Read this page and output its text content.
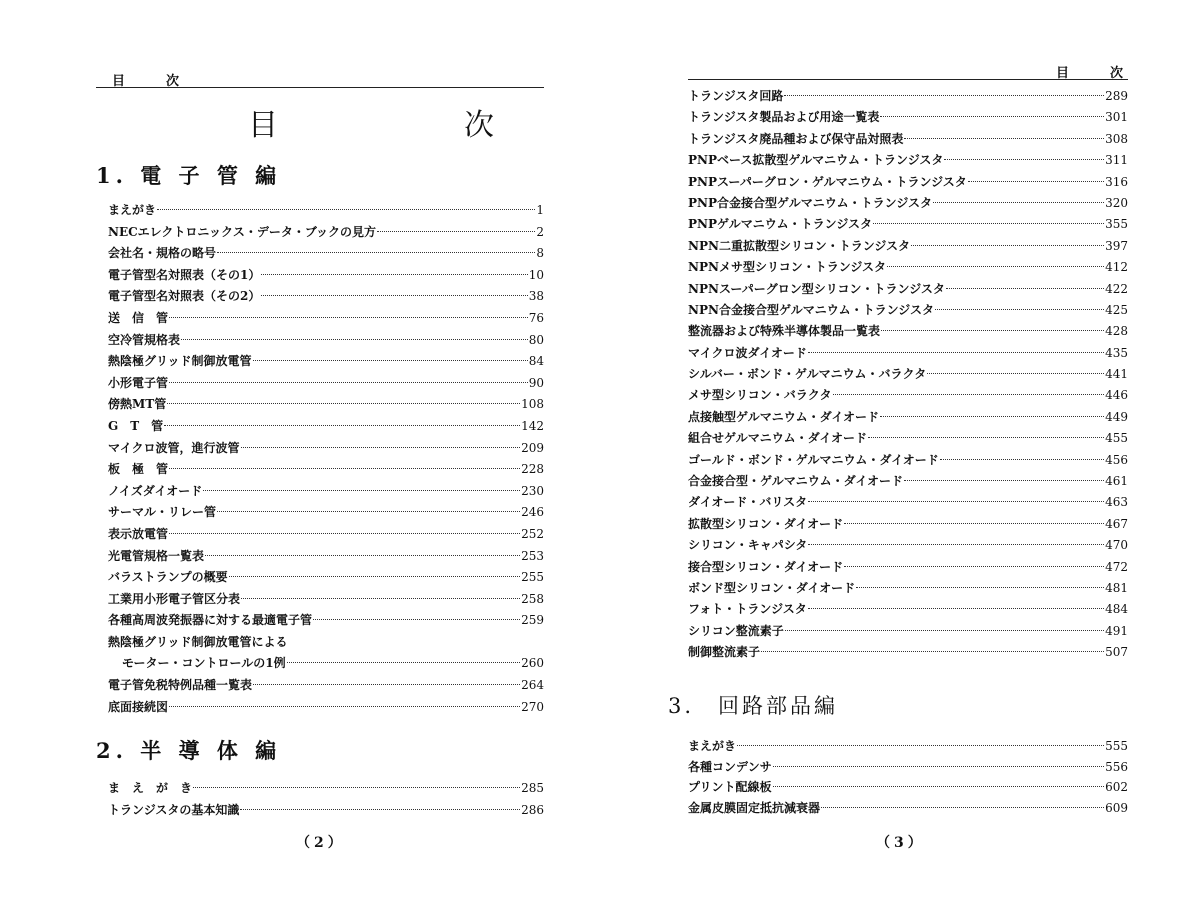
目　次
目　次
1. 電 子 管 編
まえがき	1
NECエレクトロニックス・データ・ブックの見方	2
会社名・規格の略号	8
電子管型名対照表（その1）	10
電子管型名対照表（その2）	38
送　信　管	76
空冷管規格表	80
熱陰極グリッド制御放電管	84
小形電子管	90
傍熱MT管	108
G　T　管	142
マイクロ波管，進行波管	209
板　極　管	228
ノイズダイオード	230
サーマル・リレー管	246
表示放電管	252
光電管規格一覧表	253
バラストランプの概要	255
工業用小形電子管区分表	258
各種高周波発振器に対する最適電子管	259
熱陰極グリッド制御放電管による
モーター・コントロールの1例	260
電子管免税特例品種一覧表	264
底面接続図	270
2. 半 導 体 編
ま　え　が　き	285
トランジスタの基本知識	286
（2）
目　次
トランジスタ回路	289
トランジスタ製品および用途一覧表	301
トランジスタ廃品種および保守品対照表	308
PNPベース拡散型ゲルマニウム・トランジスタ	311
PNPスーパーグロン・ゲルマニウム・トランジスタ	316
PNP合金接合型ゲルマニウム・トランジスタ	320
PNPゲルマニウム・トランジスタ	355
NPN二重拡散型シリコン・トランジスタ	397
NPNメサ型シリコン・トランジスタ	412
NPNスーパーグロン型シリコン・トランジスタ	422
NPN合金接合型ゲルマニウム・トランジスタ	425
整流器および特殊半導体製品一覧表	428
マイクロ波ダイオード	435
シルバー・ボンド・ゲルマニウム・バラクタ	441
メサ型シリコン・バラクタ	446
点接触型ゲルマニウム・ダイオード	449
組合せゲルマニウム・ダイオード	455
ゴールド・ボンド・ゲルマニウム・ダイオード	456
合金接合型・ゲルマニウム・ダイオード	461
ダイオード・バリスタ	463
拡散型シリコン・ダイオード	467
シリコン・キャパシタ	470
接合型シリコン・ダイオード	472
ボンド型シリコン・ダイオード	481
フォト・トランジスタ	484
シリコン整流素子	491
制御整流素子	507
3.　回路部品編
まえがき	555
各種コンデンサ	556
プリント配線板	602
金属皮膜固定抵抗減衰器	609
（3）
